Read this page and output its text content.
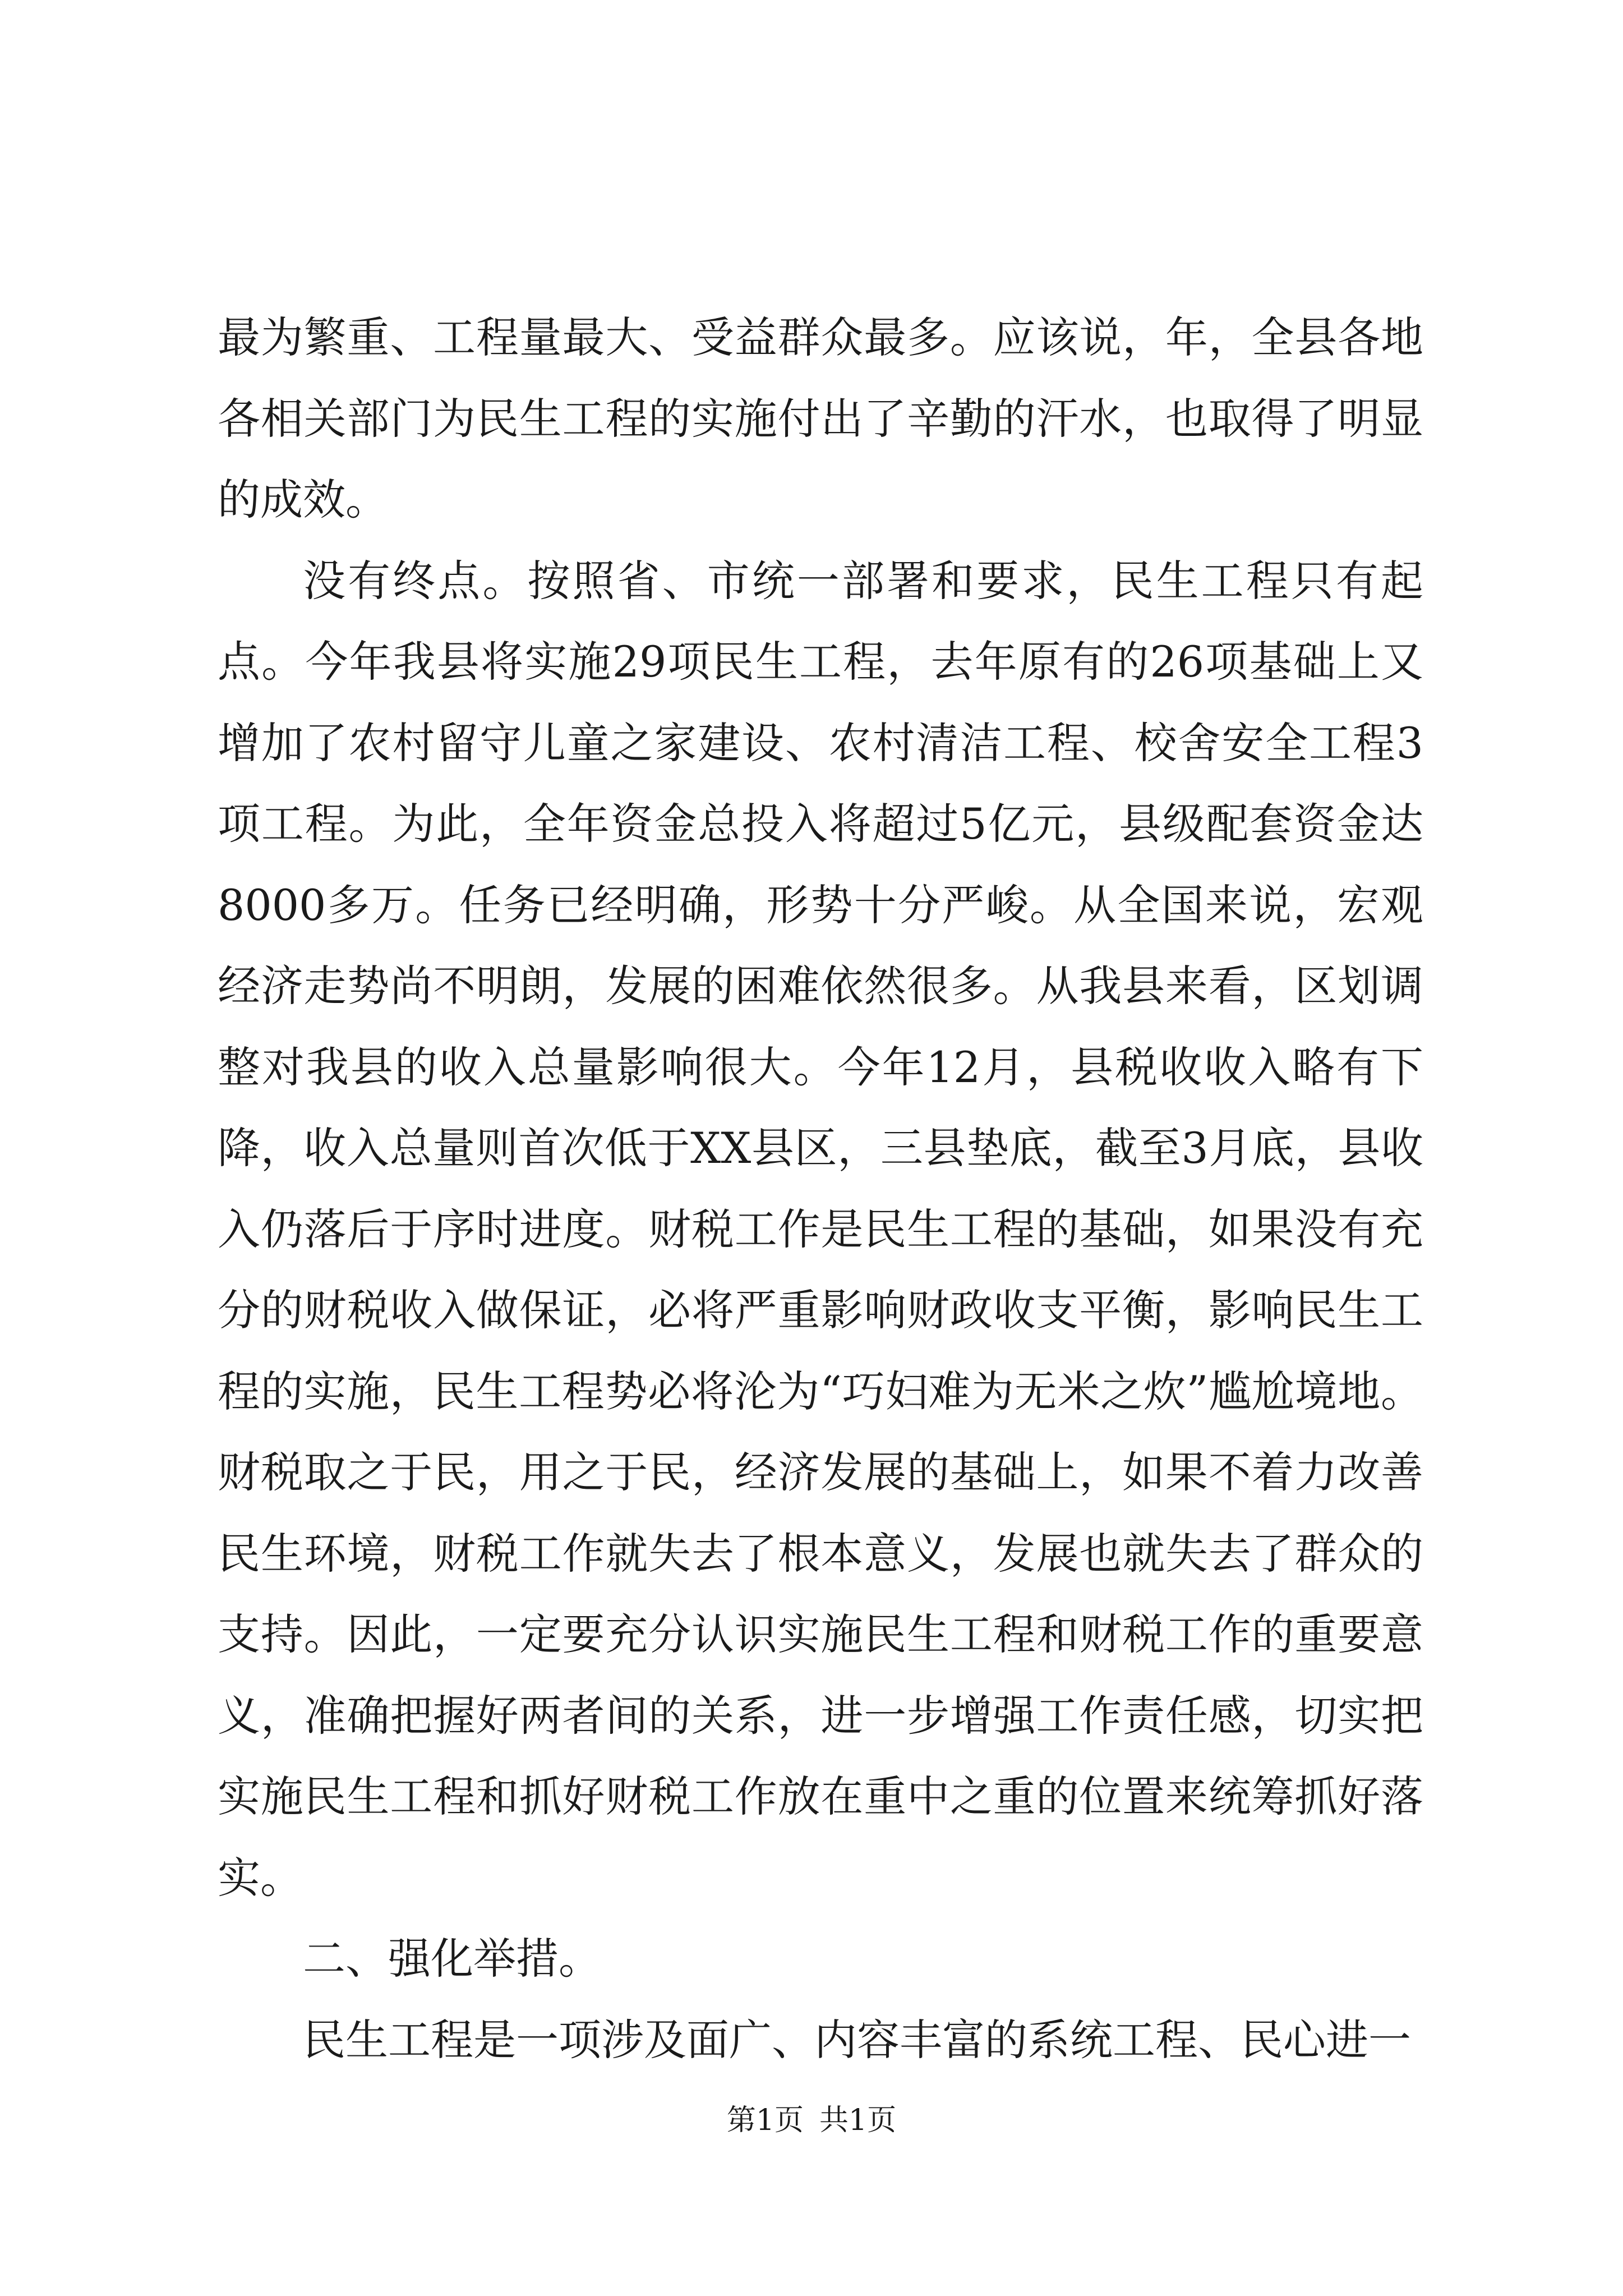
最为繁重、工程量最大、受益群众最多。应该说，年，全县各地各相关部门为民生工程的实施付出了辛勤的汗水，也取得了明显的成效。

没有终点。按照省、市统一部署和要求，民生工程只有起点。今年我县将实施29项民生工程，去年原有的26项基础上又增加了农村留守儿童之家建设、农村清洁工程、校舍安全工程3项工程。为此，全年资金总投入将超过5亿元，县级配套资金达8000多万。任务已经明确，形势十分严峻。从全国来说，宏观经济走势尚不明朗，发展的困难依然很多。从我县来看，区划调整对我县的收入总量影响很大。今年12月，县税收收入略有下降，收入总量则首次低于XX县区，三县垫底，截至3月底，县收入仍落后于序时进度。财税工作是民生工程的基础，如果没有充分的财税收入做保证，必将严重影响财政收支平衡，影响民生工程的实施，民生工程势必将沦为“巧妇难为无米之炊”尴尬境地。财税取之于民，用之于民，经济发展的基础上，如果不着力改善民生环境，财税工作就失去了根本意义，发展也就失去了群众的支持。因此，一定要充分认识实施民生工程和财税工作的重要意义，准确把握好两者间的关系，进一步增强工作责任感，切实把实施民生工程和抓好财税工作放在重中之重的位置来统筹抓好落实。

二、强化举措。

民生工程是一项涉及面广、内容丰富的系统工程、民心进一

第1页 共1页
